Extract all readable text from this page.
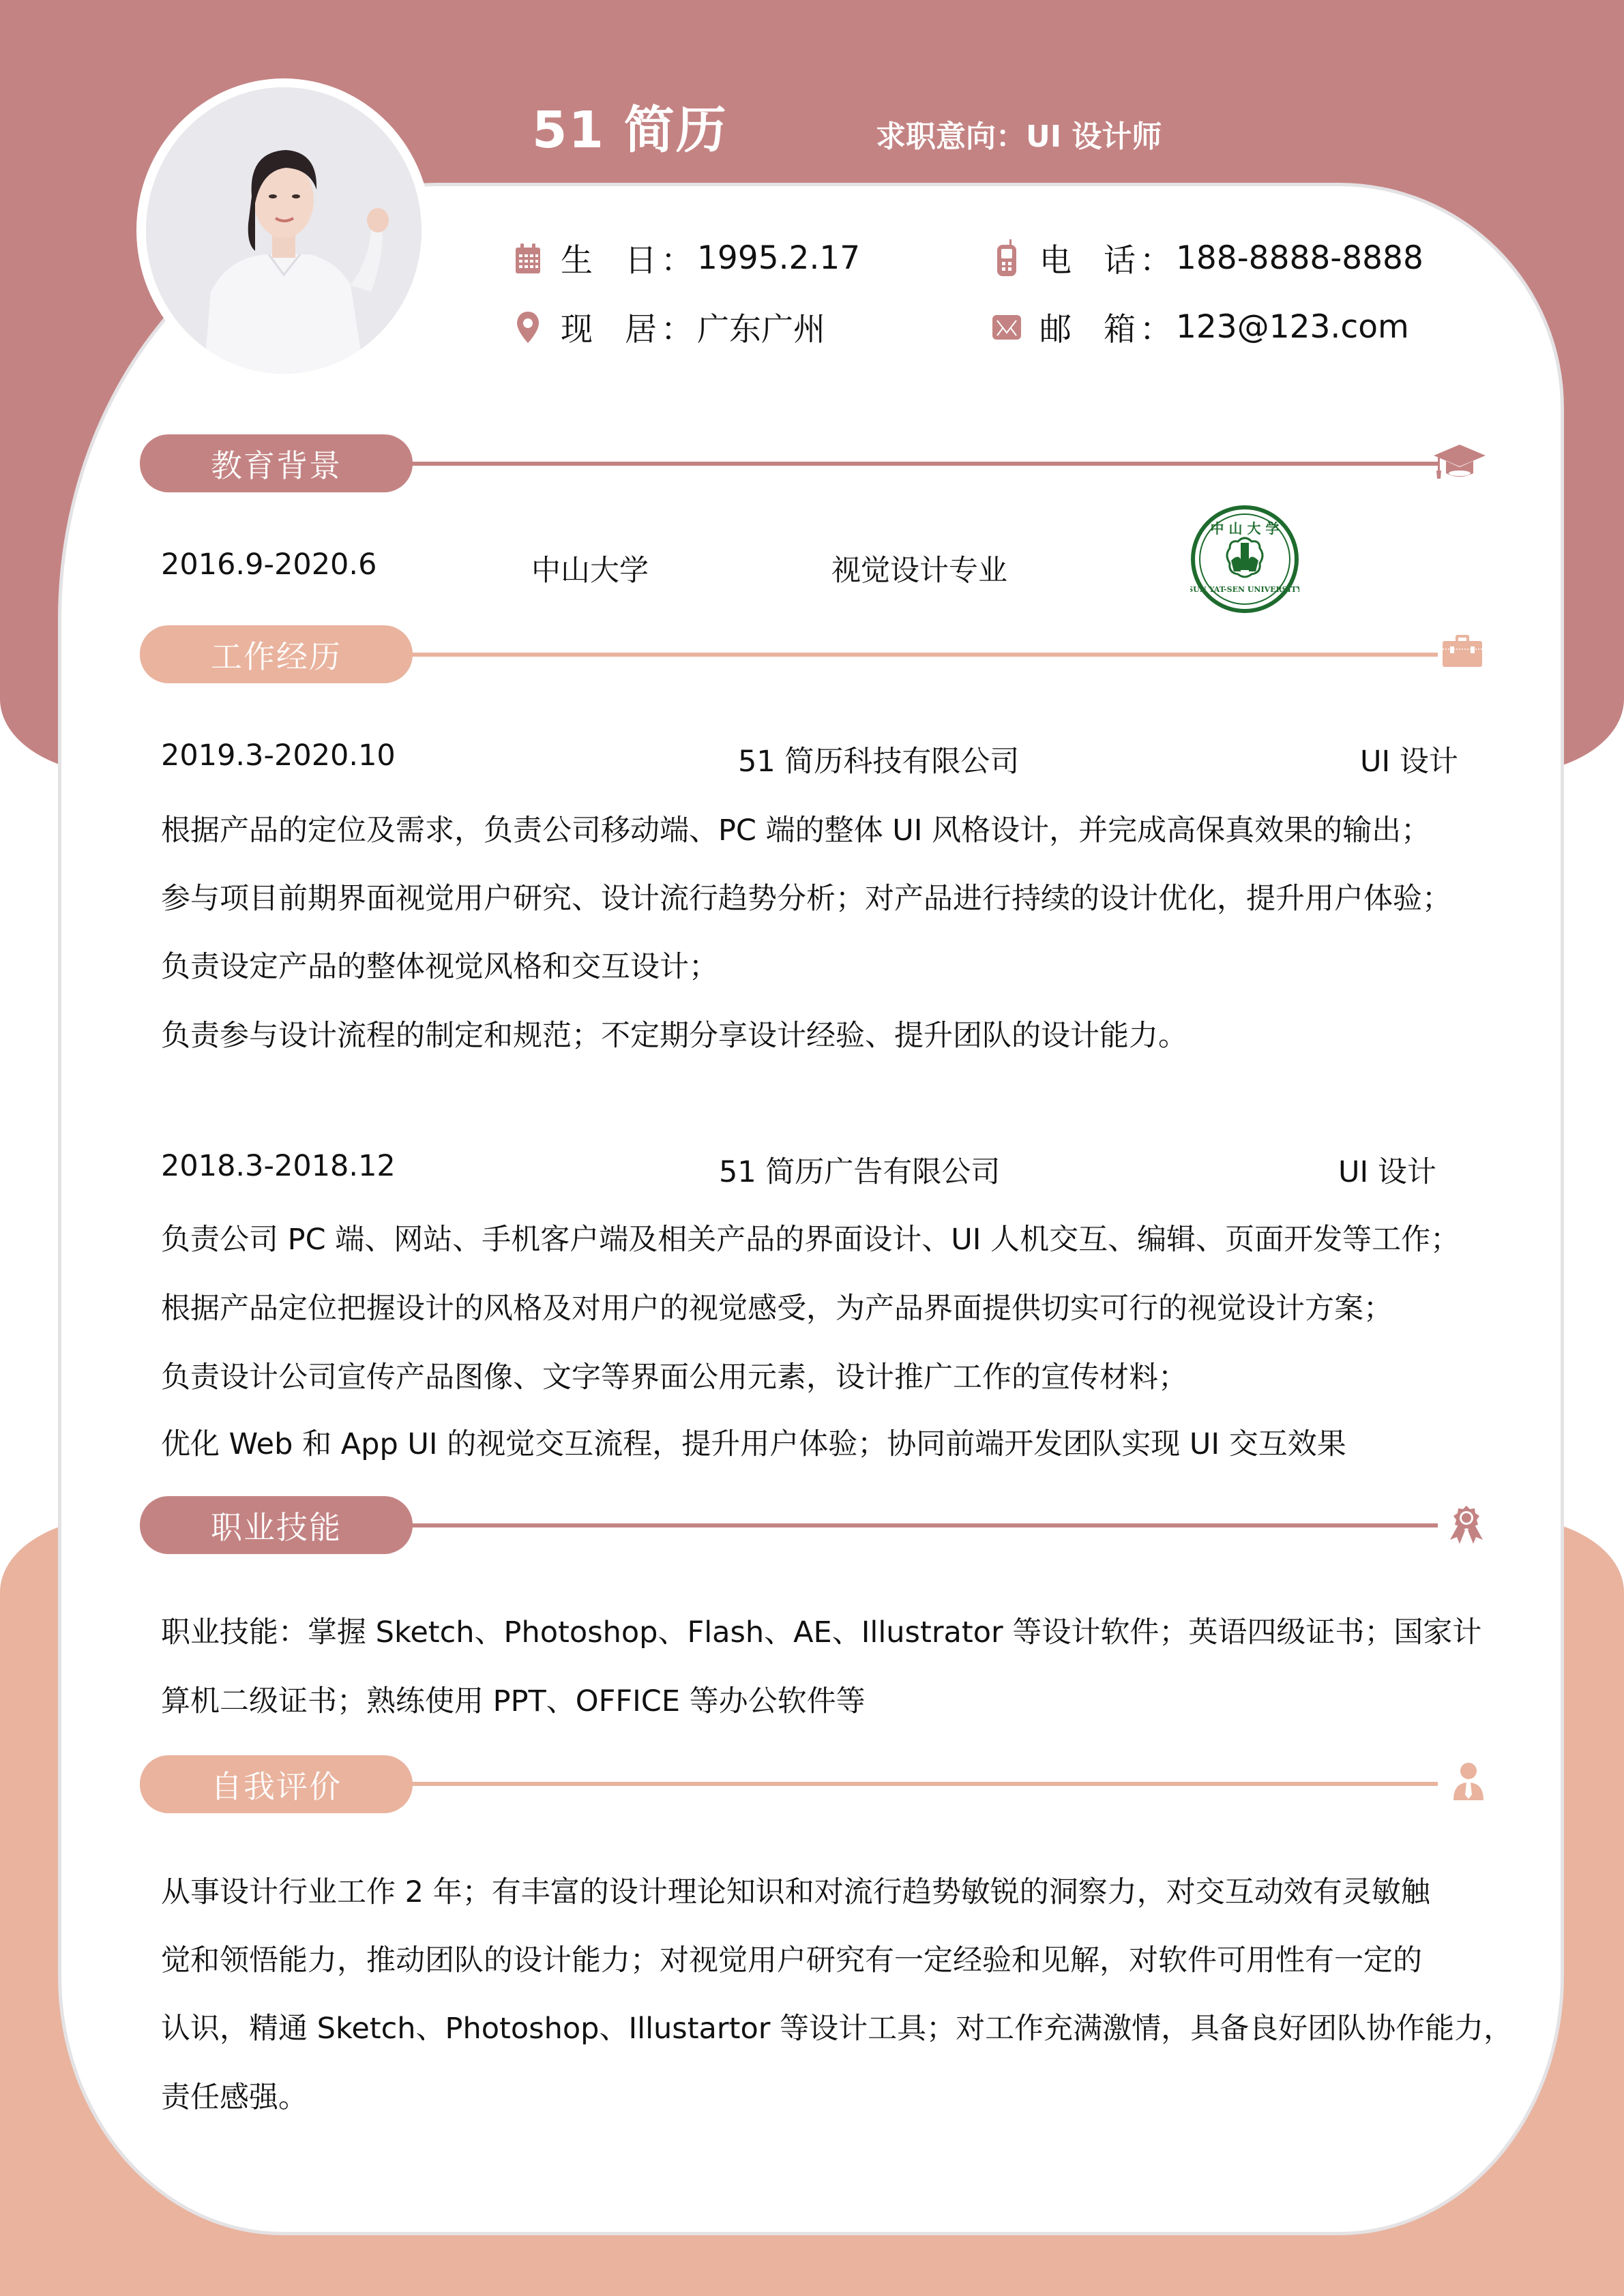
51 简历	求职意向：UI 设计师
生　日 ： 1995.2.17
现　居 ： 广东广州
电　话 ： 188-8888-8888
邮　箱 ： 123@123.com
教育背景
2016.9-2020.6	中山大学	视觉设计专业
中 山 大 学
SUN YAT-SEN UNIVERSITY
工作经历
2019.3-2020.10	51 简历科技有限公司	UI 设计
根据产品的定位及需求，负责公司移动端、PC 端的整体 UI 风格设计，并完成高保真效果的输出；
参与项目前期界面视觉用户研究、设计流行趋势分析；对产品进行持续的设计优化，提升用户体验；
负责设定产品的整体视觉风格和交互设计；
负责参与设计流程的制定和规范；不定期分享设计经验、提升团队的设计能力。
2018.3-2018.12	51 简历广告有限公司	UI 设计
负责公司 PC 端、网站、手机客户端及相关产品的界面设计、UI 人机交互、编辑、页面开发等工作；
根据产品定位把握设计的风格及对用户的视觉感受，为产品界面提供切实可行的视觉设计方案；
负责设计公司宣传产品图像、文字等界面公用元素，设计推广工作的宣传材料；
优化 Web 和 App UI 的视觉交互流程，提升用户体验；协同前端开发团队实现 UI 交互效果
职业技能
职业技能：掌握 Sketch、Photoshop、Flash、AE、Illustrator 等设计软件；英语四级证书；国家计
算机二级证书；熟练使用 PPT、OFFICE 等办公软件等
自我评价
从事设计行业工作 2 年；有丰富的设计理论知识和对流行趋势敏锐的洞察力，对交互动效有灵敏触
觉和领悟能力，推动团队的设计能力；对视觉用户研究有一定经验和见解，对软件可用性有一定的
认识，精通 Sketch、Photoshop、Illustartor 等设计工具；对工作充满激情，具备良好团队协作能力，
责任感强。
